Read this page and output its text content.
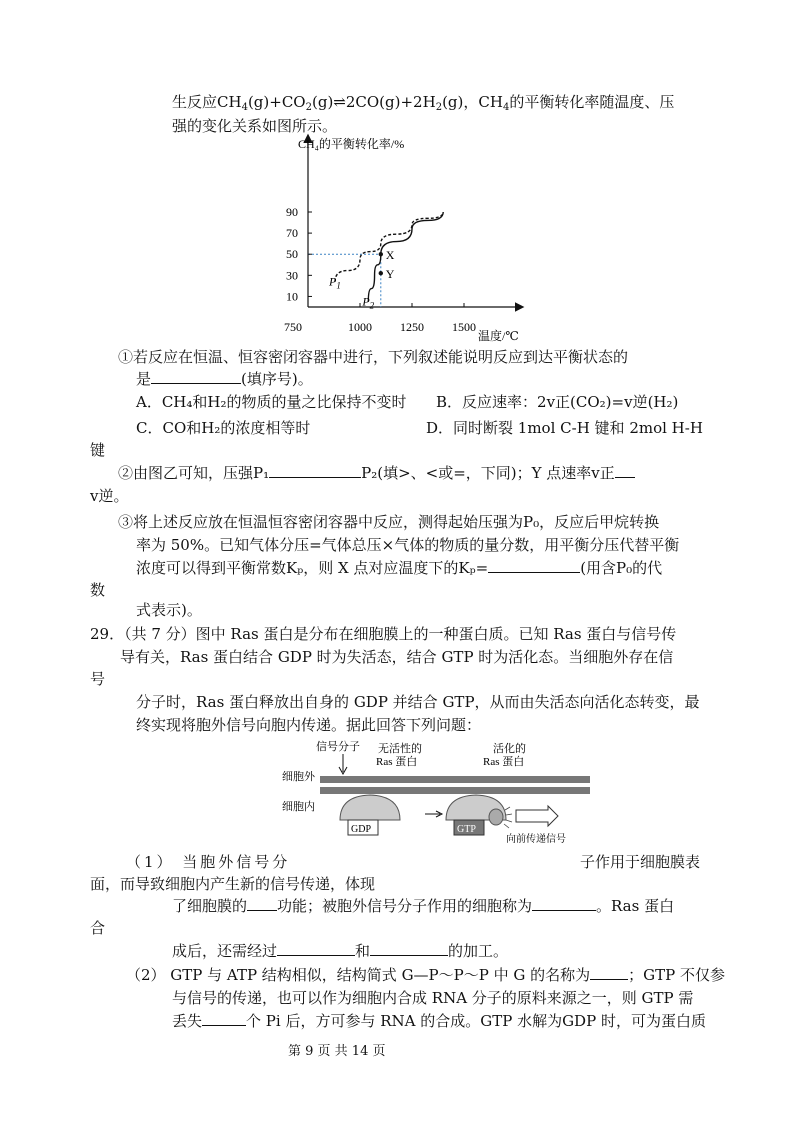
生反应$CH_4(g)+CO_2(g)\rightleftharpoons 2CO(g)+2H_2(g)$，$CH_4$的平衡转化率随温度、压
强的变化关系如图所示。
CH₄的平衡转化率/%
温度/℃
$P_1$
$P_2$
X
Y
750	1000 1250 1500
10
30
50
70
90
①若反应在恒温、恒容密闭容器中进行，下列叙述能说明反应到达平衡状态的
是	(填序号)。
A．CH₄和H₂的物质的量之比保持不变时 B．反应速率：2v正(CO₂)=v逆(H₂)
C．CO和H₂的浓度相等时	D．同时断裂 1mol C-H 键和 2mol H-H
键
②由图乙可知，压强P₁	P₂(填>、<或=，下同)；Y 点速率v正
v逆。
③将上述反应放在恒温恒容密闭容器中反应，测得起始压强为P₀，反应后甲烷转换
率为 50%。已知气体分压=气体总压×气体的物质的量分数，用平衡分压代替平衡
浓度可以得到平衡常数Kₚ，则 X 点对应温度下的Kₚ=	(用含P₀的代
数
式表示)。
29．（共 7 分）图中 Ras 蛋白是分布在细胞膜上的一种蛋白质。已知 Ras 蛋白与信号传
导有关，Ras 蛋白结合 GDP 时为失活态，结合 GTP 时为活化态。当细胞外存在信
号
分子时，Ras 蛋白释放出自身的 GDP 并结合 GTP，从而由失活态向活化态转变，最
终实现将胞外信号向胞内传递。据此回答下列问题：
信号分子 无活性的
Ras 蛋白
活化的
Ras 蛋白
细胞外
细胞内
GDP	GTP
向前传递信号
（1） 当胞外信号分	子作用于细胞膜表
面，而导致细胞内产生新的信号传递，体现
了细胞膜的 功能；被胞外信号分子作用的细胞称为	。Ras 蛋白
合
成后，还需经过	和	的加工。
（2） GTP 与 ATP 结构相似，结构简式 G—P～P～P 中 G 的名称为	；GTP 不仅参
与信号的传递，也可以作为细胞内合成 RNA 分子的原料来源之一，则 GTP 需
丢失	个 Pi 后，方可参与 RNA 的合成。GTP 水解为GDP 时，可为蛋白质
第 9 页 共 14 页
